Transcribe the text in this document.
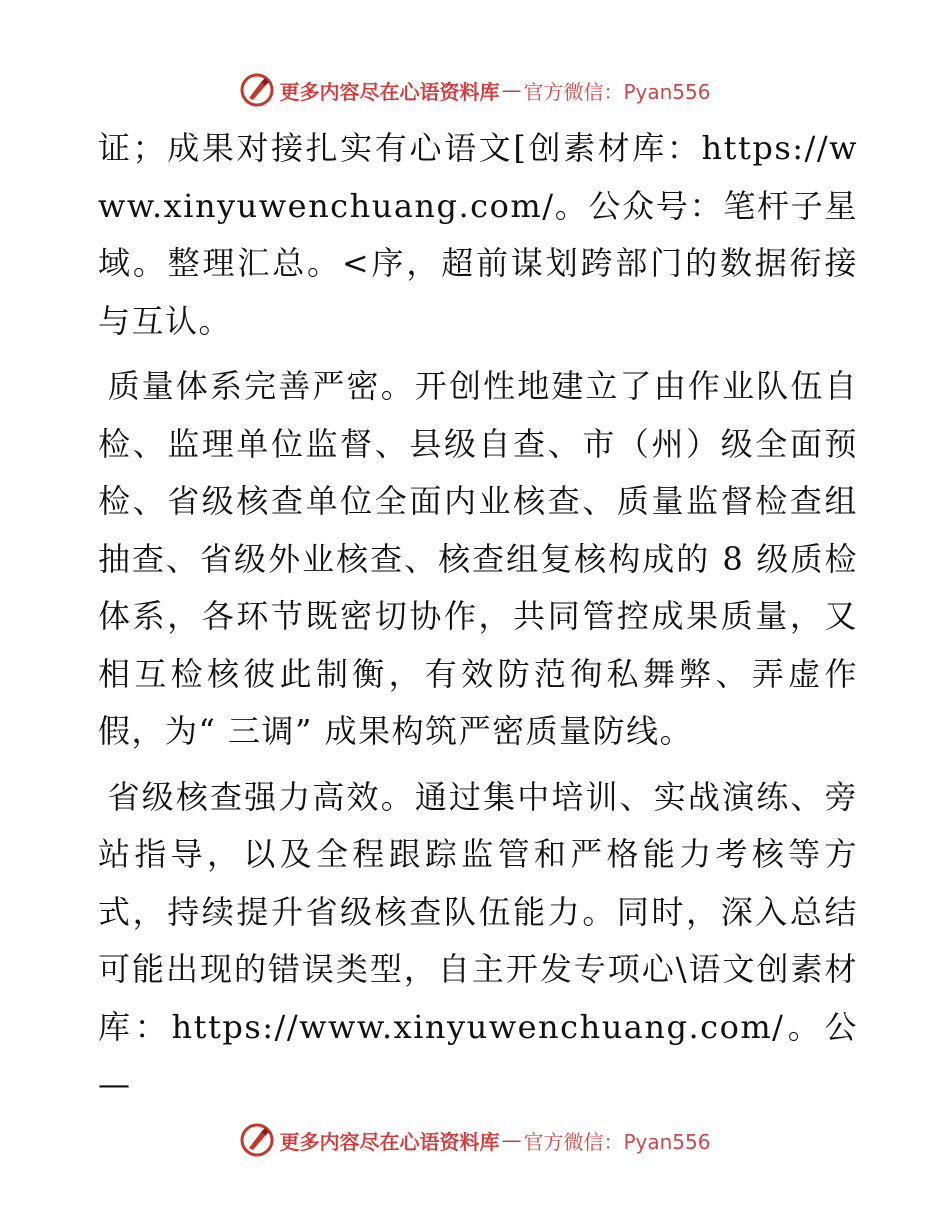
更多内容尽在心语资料库 — 官方微信：Pyan556

证；成果对接扎实有心语文[创素材库：https://www.xinyuwenchuang.com/。公众号：笔杆子星域。整理汇总。<序，超前谋划跨部门的数据衔接与互认。

质量体系完善严密。开创性地建立了由作业队伍自检、监理单位监督、县级自查、市（州）级全面预检、省级核查单位全面内业核查、质量监督检查组抽查、省级外业核查、核查组复核构成的 8 级质检体系，各环节既密切协作，共同管控成果质量，又相互检核彼此制衡，有效防范徇私舞弊、弄虚作假，为“ 三调” 成果构筑严密质量防线。

省级核查强力高效。通过集中培训、实战演练、旁站指导，以及全程跟踪监管和严格能力考核等方式，持续提升省级核查队伍能力。同时，深入总结可能出现的错误类型，自主开发专项心\语文创素材库：https://www.xinyuwenchuang.com/。公—

更多内容尽在心语资料库 — 官方微信：Pyan556
